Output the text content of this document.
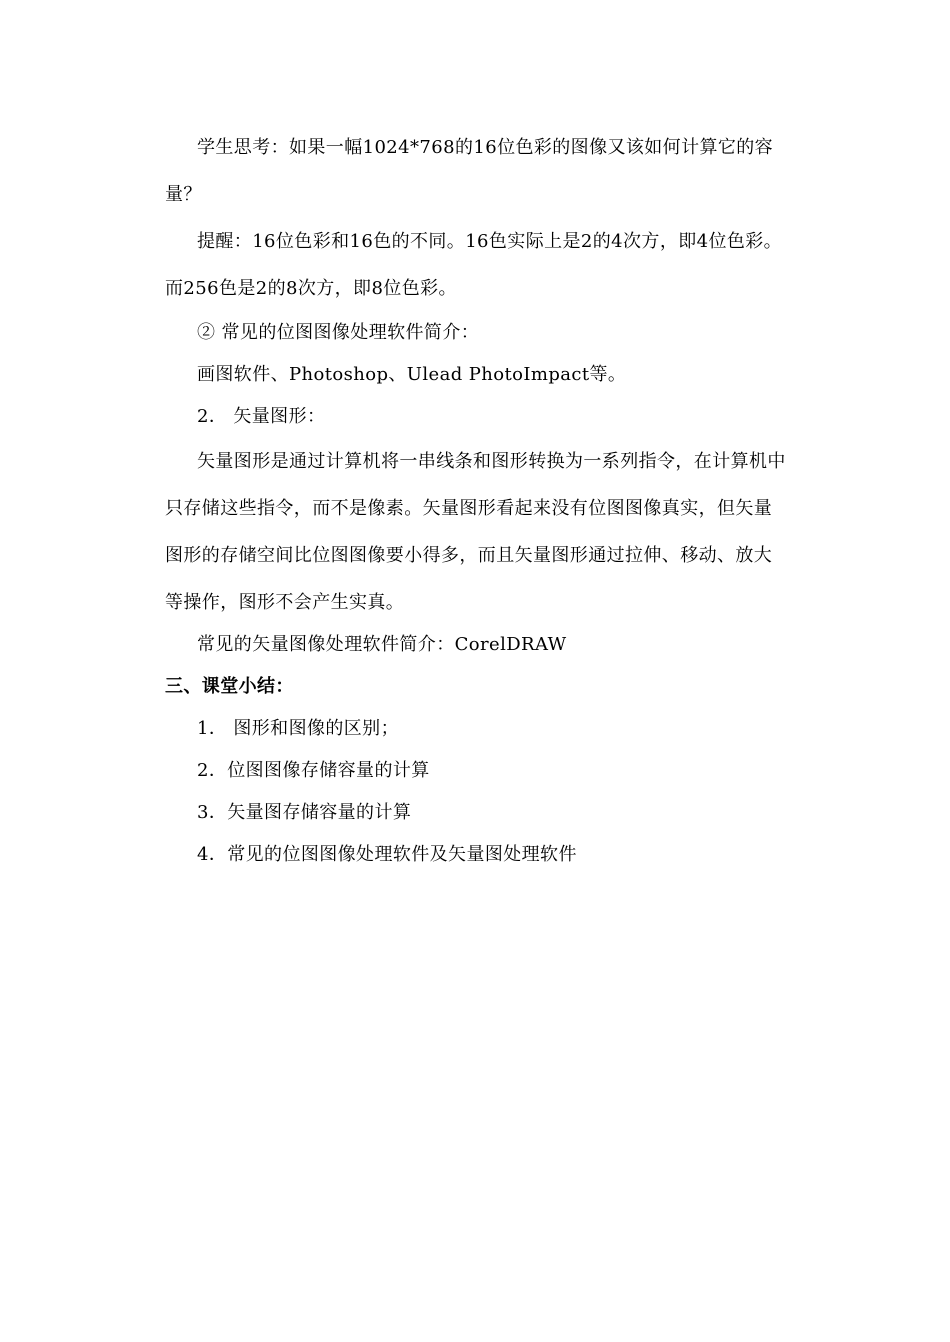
学生思考：如果一幅1024*768的16位色彩的图像又该如何计算它的容量？

提醒：16位色彩和16色的不同。16色实际上是2的4次方，即4位色彩。而256色是2的8次方，即8位色彩。

② 常见的位图图像处理软件简介：

画图软件、Photoshop、Ulead PhotoImpact等。

2． 矢量图形：

矢量图形是通过计算机将一串线条和图形转换为一系列指令，在计算机中只存储这些指令，而不是像素。矢量图形看起来没有位图图像真实，但矢量图形的存储空间比位图图像要小得多，而且矢量图形通过拉伸、移动、放大等操作，图形不会产生实真。

常见的矢量图像处理软件简介：CorelDRAW

三、课堂小结：

1． 图形和图像的区别；

2．位图图像存储容量的计算

3．矢量图存储容量的计算

4．常见的位图图像处理软件及矢量图处理软件
